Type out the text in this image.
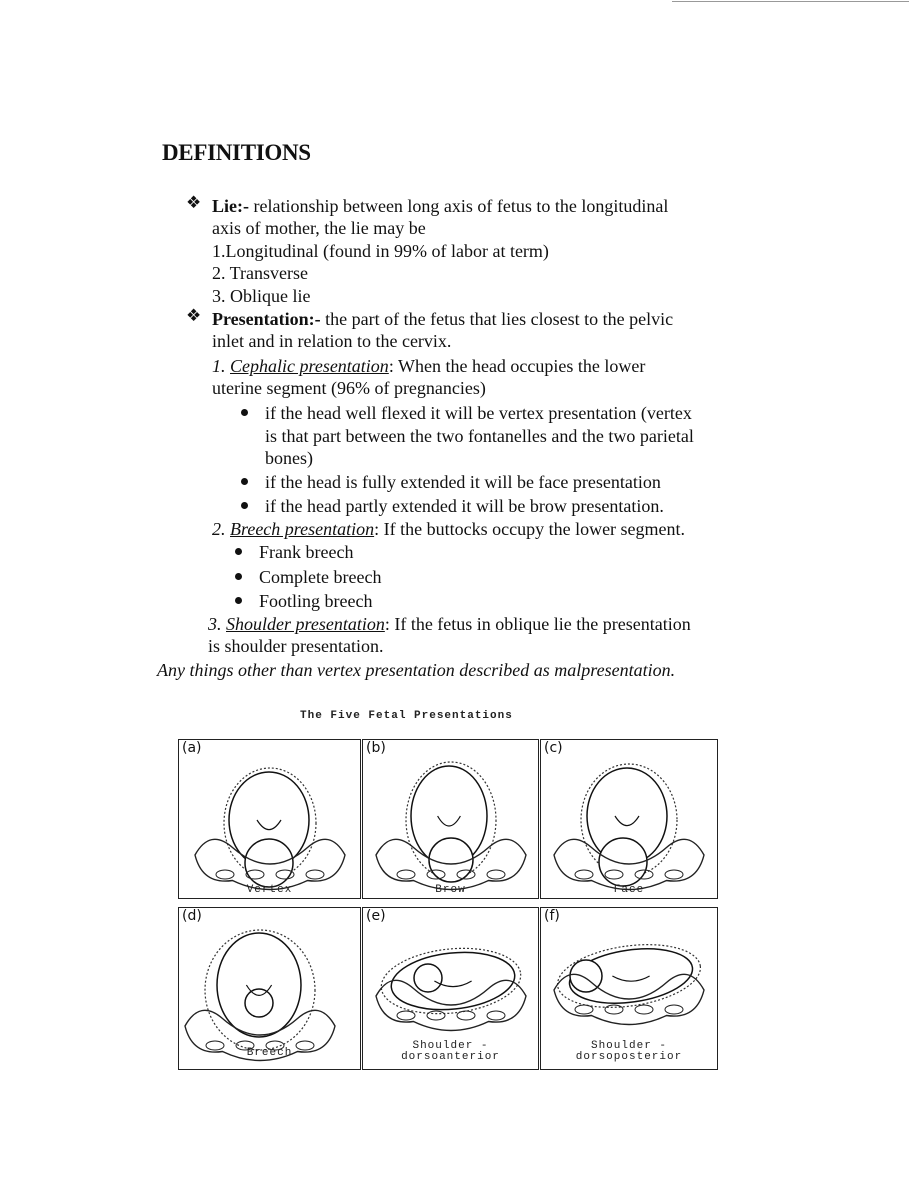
DEFINITIONS
❖ Lie:- relationship between long axis of fetus to the longitudinal
axis of mother, the lie may be
1.Longitudinal (found in 99% of labor at term)
2. Transverse
3. Oblique lie
❖ Presentation:- the part of the fetus that lies closest to the pelvic
inlet and in relation to the cervix.
1. Cephalic presentation: When the head occupies the lower
uterine segment (96% of pregnancies)
if the head well flexed it will be vertex presentation (vertex
is that part between the two fontanelles and the two parietal
bones)
if the head is fully extended it will be face presentation
if the head partly extended it will be brow presentation.
2. Breech presentation: If the buttocks occupy the lower segment.
Frank breech
Complete breech
Footling breech
3. Shoulder presentation: If the fetus in oblique lie the presentation
is shoulder presentation.
Any things other than vertex presentation described as malpresentation.
The Five Fetal Presentations
(a)
Vertex
(b)
Brow
(c)
Face
(d)
Breech
(e)
Shoulder -
dorsoanterior
(f)
Shoulder -
dorsoposterior
